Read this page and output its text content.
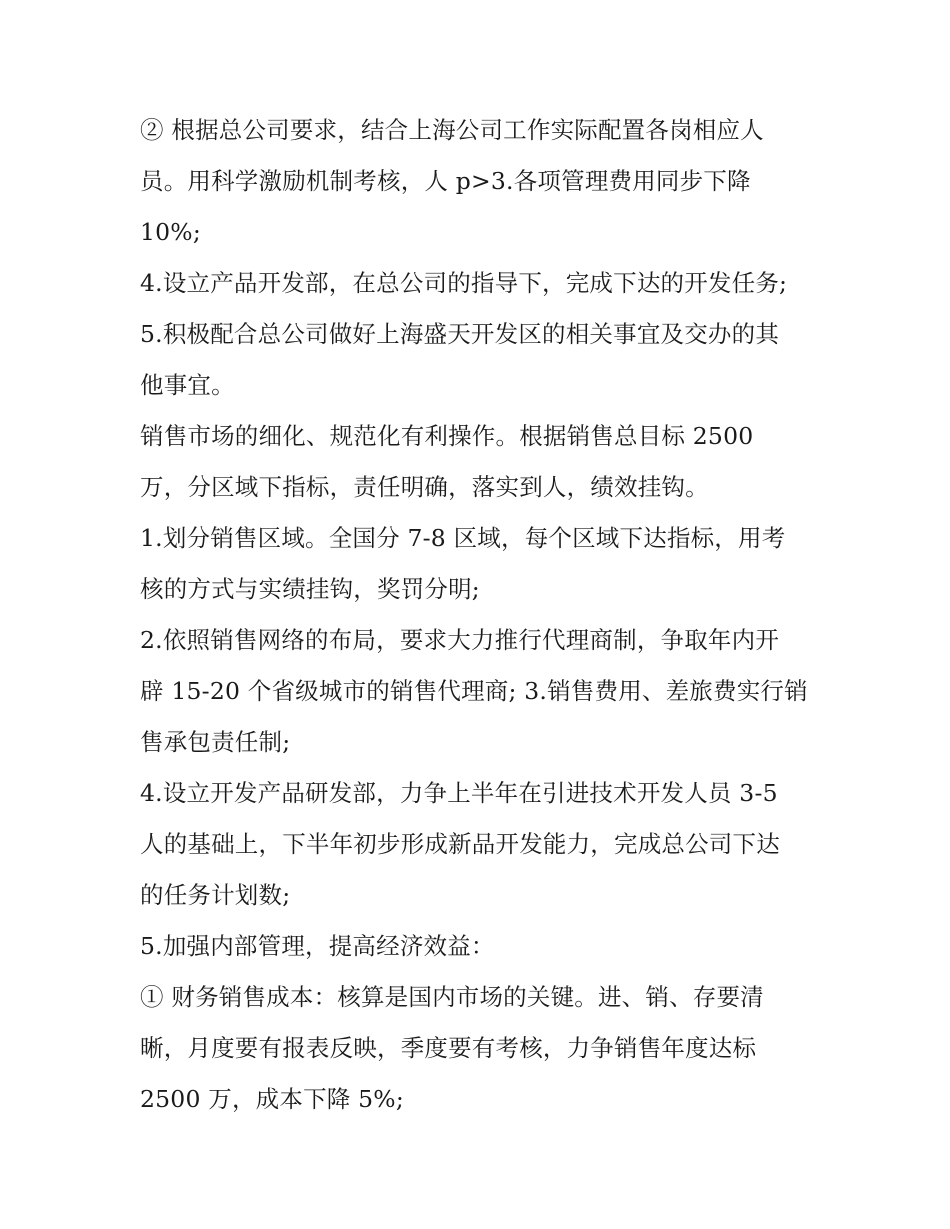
② 根据总公司要求，结合上海公司工作实际配置各岗相应人
员。用科学激励机制考核，人 p>3.各项管理费用同步下降
10%;
4.设立产品开发部，在总公司的指导下，完成下达的开发任务;
5.积极配合总公司做好上海盛天开发区的相关事宜及交办的其
他事宜。
销售市场的细化、规范化有利操作。根据销售总目标 2500
万，分区域下指标，责任明确，落实到人，绩效挂钩。
1.划分销售区域。全国分 7-8 区域，每个区域下达指标，用考
核的方式与实绩挂钩，奖罚分明;
2.依照销售网络的布局，要求大力推行代理商制，争取年内开
辟 15-20 个省级城市的销售代理商; 3.销售费用、差旅费实行销
售承包责任制;
4.设立开发产品研发部，力争上半年在引进技术开发人员 3-5
人的基础上，下半年初步形成新品开发能力，完成总公司下达
的任务计划数;
5.加强内部管理，提高经济效益：
① 财务销售成本：核算是国内市场的关键。进、销、存要清
晰，月度要有报表反映，季度要有考核，力争销售年度达标
2500 万，成本下降 5%;
